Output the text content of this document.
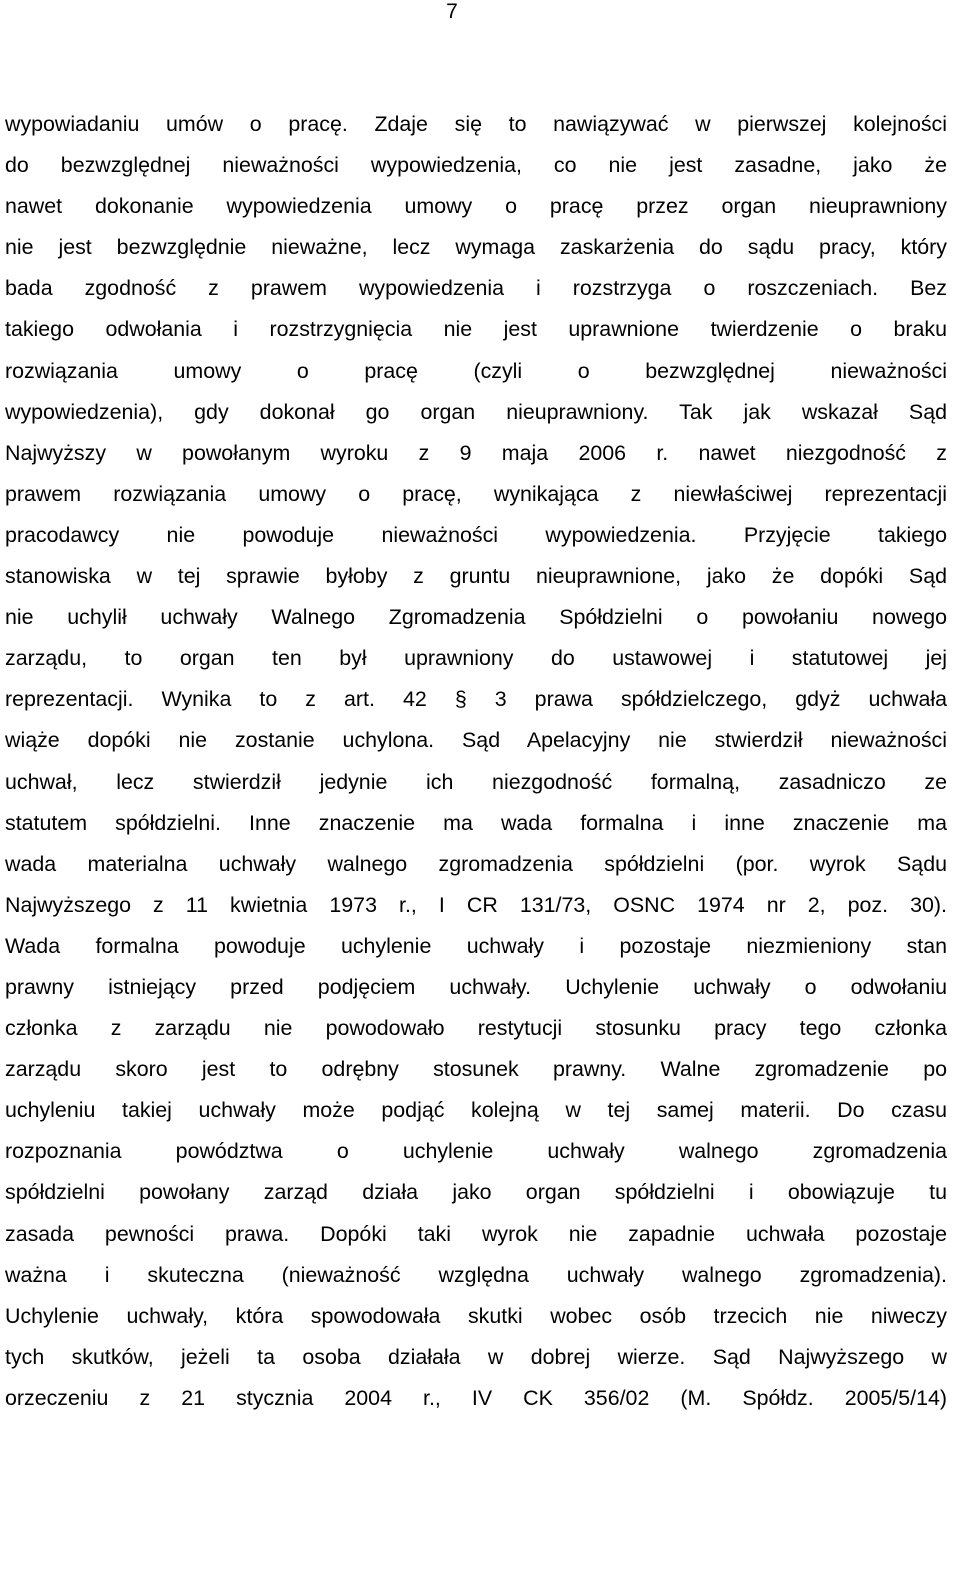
7
wypowiadaniu umów o pracę. Zdaje się to nawiązywać w pierwszej kolejności
do bezwzględnej nieważności wypowiedzenia, co nie jest zasadne, jako że
nawet dokonanie wypowiedzenia umowy o pracę przez organ nieuprawniony
nie jest bezwzględnie nieważne, lecz wymaga zaskarżenia do sądu pracy, który
bada zgodność z prawem wypowiedzenia i rozstrzyga o roszczeniach. Bez
takiego odwołania i rozstrzygnięcia nie jest uprawnione twierdzenie o braku
rozwiązania umowy o pracę (czyli o bezwzględnej nieważności
wypowiedzenia), gdy dokonał go organ nieuprawniony. Tak jak wskazał Sąd
Najwyższy w powołanym wyroku z 9 maja 2006 r. nawet niezgodność z
prawem rozwiązania umowy o pracę, wynikająca z niewłaściwej reprezentacji
pracodawcy nie powoduje nieważności wypowiedzenia. Przyjęcie takiego
stanowiska w tej sprawie byłoby z gruntu nieuprawnione, jako że dopóki Sąd
nie uchylił uchwały Walnego Zgromadzenia Spółdzielni o powołaniu nowego
zarządu, to organ ten był uprawniony do ustawowej i statutowej jej
reprezentacji. Wynika to z art. 42 § 3 prawa spółdzielczego, gdyż uchwała
wiąże dopóki nie zostanie uchylona. Sąd Apelacyjny nie stwierdził nieważności
uchwał, lecz stwierdził jedynie ich niezgodność formalną, zasadniczo ze
statutem spółdzielni. Inne znaczenie ma wada formalna i inne znaczenie ma
wada materialna uchwały walnego zgromadzenia spółdzielni (por. wyrok Sądu
Najwyższego z 11 kwietnia 1973 r., I CR 131/73, OSNC 1974 nr 2, poz. 30).
Wada formalna powoduje uchylenie uchwały i pozostaje niezmieniony stan
prawny istniejący przed podjęciem uchwały. Uchylenie uchwały o odwołaniu
członka z zarządu nie powodowało restytucji stosunku pracy tego członka
zarządu skoro jest to odrębny stosunek prawny. Walne zgromadzenie po
uchyleniu takiej uchwały może podjąć kolejną w tej samej materii. Do czasu
rozpoznania powództwa o uchylenie uchwały walnego zgromadzenia
spółdzielni powołany zarząd działa jako organ spółdzielni i obowiązuje tu
zasada pewności prawa. Dopóki taki wyrok nie zapadnie uchwała pozostaje
ważna i skuteczna (nieważność względna uchwały walnego zgromadzenia).
Uchylenie uchwały, która spowodowała skutki wobec osób trzecich nie niweczy
tych skutków, jeżeli ta osoba działała w dobrej wierze. Sąd Najwyższego w
orzeczeniu z 21 stycznia 2004 r., IV CK 356/02 (M. Spółdz. 2005/5/14)
